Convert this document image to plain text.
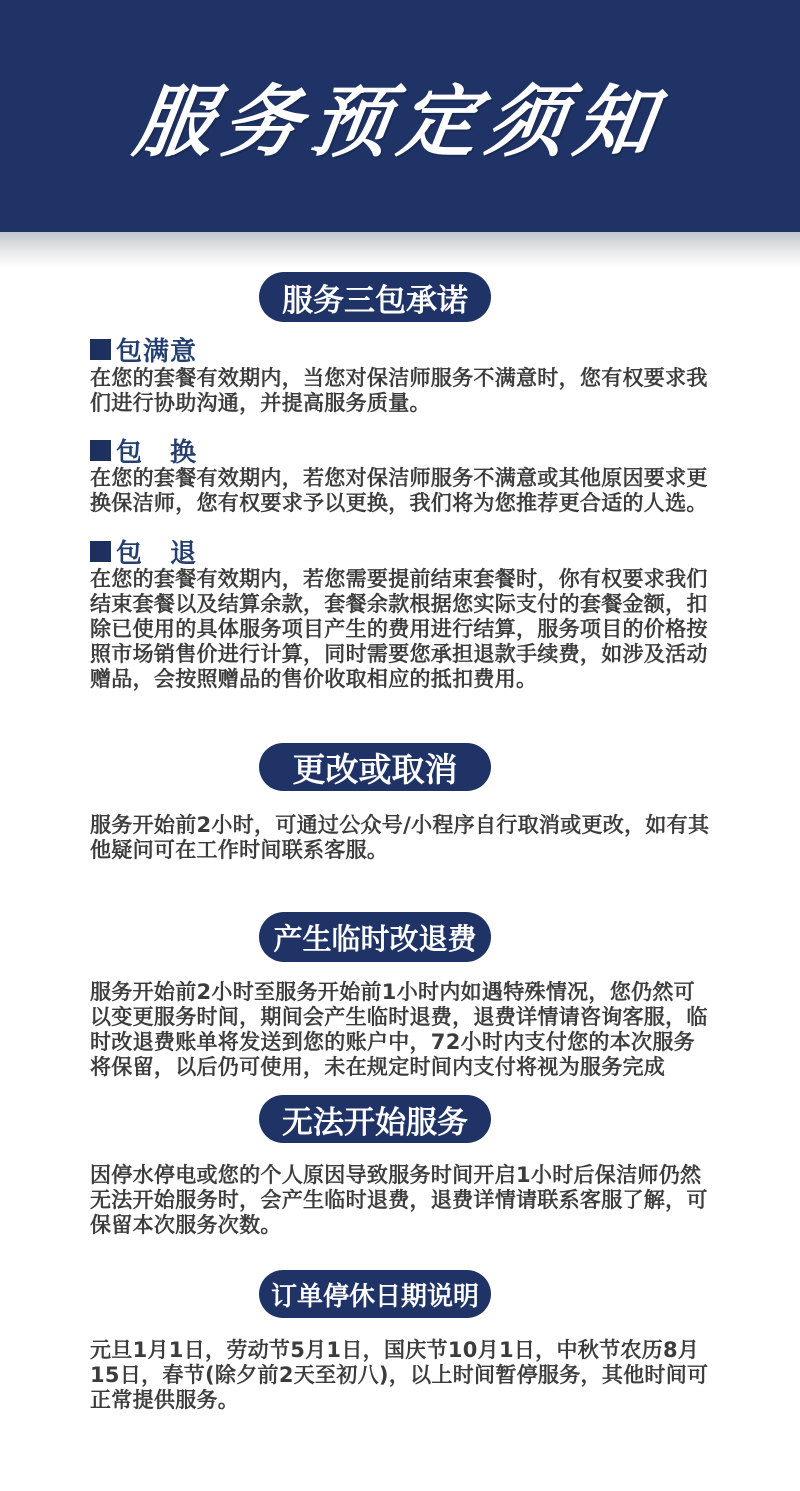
服务预定须知
服务三包承诺
包满意
在您的套餐有效期内，当您对保洁师服务不满意时，您有权要求我们进行协助沟通，并提高服务质量。
包　换
在您的套餐有效期内，若您对保洁师服务不满意或其他原因要求更换保洁师，您有权要求予以更换，我们将为您推荐更合适的人选。
包　退
在您的套餐有效期内，若您需要提前结束套餐时，你有权要求我们结束套餐以及结算余款，套餐余款根据您实际支付的套餐金额，扣除已使用的具体服务项目产生的费用进行结算，服务项目的价格按照市场销售价进行计算，同时需要您承担退款手续费，如涉及活动赠品，会按照赠品的售价收取相应的抵扣费用。
更改或取消
服务开始前2小时，可通过公众号/小程序自行取消或更改，如有其他疑问可在工作时间联系客服。
产生临时改退费
服务开始前2小时至服务开始前1小时内如遇特殊情况，您仍然可以变更服务时间，期间会产生临时退费，退费详情请咨询客服，临时改退费账单将发送到您的账户中，72小时内支付您的本次服务将保留，以后仍可使用，未在规定时间内支付将视为服务完成
无法开始服务
因停水停电或您的个人原因导致服务时间开启1小时后保洁师仍然无法开始服务时，会产生临时退费，退费详情请联系客服了解，可保留本次服务次数。
订单停休日期说明
元旦1月1日，劳动节5月1日，国庆节10月1日，中秋节农历8月15日，春节(除夕前2天至初八)，以上时间暂停服务，其他时间可正常提供服务。
